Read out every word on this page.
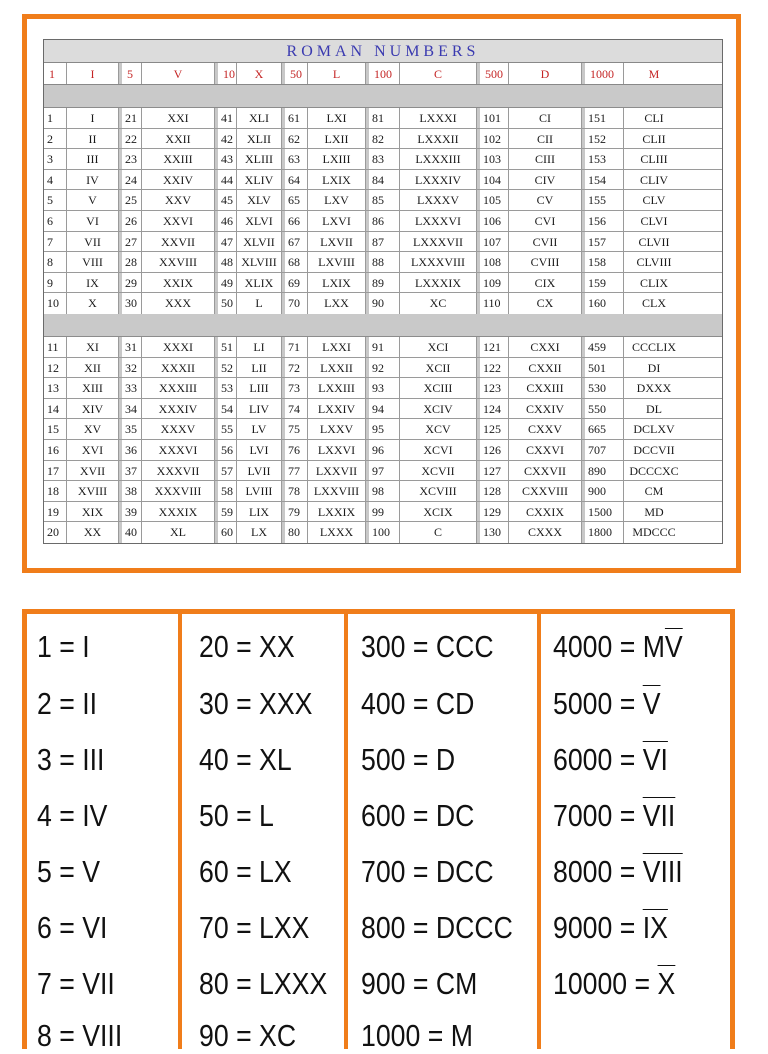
ROMAN NUMBERS
1	I	5	V	10	X	50	L	100	C	500	D	1000	M
1	I	21	XXI	41	XLI	61	LXI	81	LXXXI	101	CI	151	CLI
2	II	22	XXII	42	XLII	62	LXII	82	LXXXII	102	CII	152	CLII
3	III	23	XXIII	43	XLIII	63	LXIII	83	LXXXIII	103	CIII	153	CLIII
4	IV	24	XXIV	44 XLIV	64	LXIX	84	LXXXIV	104	CIV	154	CLIV
5	V	25	XXV	45	XLV	65	LXV	85	LXXXV	105	CV	155	CLV
6	VI	26	XXVI	46	XLVI	66	LXVI	86	LXXXVI	106	CVI	156	CLVI
7	VII	27	XXVII	47 XLVII	67	LXVII	87	LXXXVII	107	CVII	157	CLVII
8	VIII	28	XXVIII	48 XLVIII 68	LXVIII	88	LXXXVIII	108	CVIII	158	CLVIII
9	IX	29	XXIX	49 XLIX	69	LXIX	89	LXXXIX	109	CIX	159	CLIX
10	X	30	XXX	50	L	70	LXX	90	XC	110	CX	160	CLX
11	XI	31	XXXI	51	LI	71	LXXI	91	XCI	121	CXXI	459	CCCLIX
12	XII	32	XXXII	52	LII	72	LXXII	92	XCII	122	CXXII	501	DI
13	XIII	33	XXXIII	53	LIII	73	LXXIII	93	XCIII	123	CXXIII	530	DXXX
14	XIV	34	XXXIV	54	LIV	74	LXXIV	94	XCIV	124	CXXIV	550	DL
15	XV	35	XXXV	55	LV	75	LXXV	95	XCV	125	CXXV	665	DCLXV
16	XVI	36	XXXVI	56	LVI	76	LXXVI	96	XCVI	126	CXXVI	707	DCCVII
17	XVII	37	XXXVII	57	LVII	77	LXXVII	97	XCVII	127	CXXVII	890	DCCCXC
18	XVIII	38	XXXVIII	58	LVIII	78	LXXVIII	98	XCVIII	128	CXXVIII	900	CM
19	XIX	39	XXXIX	59	LIX	79	LXXIX	99	XCIX	129	CXXIX	1500	MD
20	XX	40	XL	60	LX	80	LXXX	100	C	130	CXXX	1800	MDCCC
1 = I
2 = II
3 = III
4 = IV
5 = V
6 = VI
7 = VII
8 = VIII
20 = XX
30 = XXX
40 = XL
50 = L
60 = LX
70 = LXX
80 = LXXX
90 = XC
300 = CCC
400 = CD
500 = D
600 = DC
700 = DCC
800 = DCCC
900 = CM
1000 = M
$4000 = M\overline{V}$
$5000 = \overline{V}$
$6000 = \overline{VI}$
$7000 = \overline{VII}$
8000 = VIII
$9000 = \overline{IX}$
$10000 = \overline{X}$
